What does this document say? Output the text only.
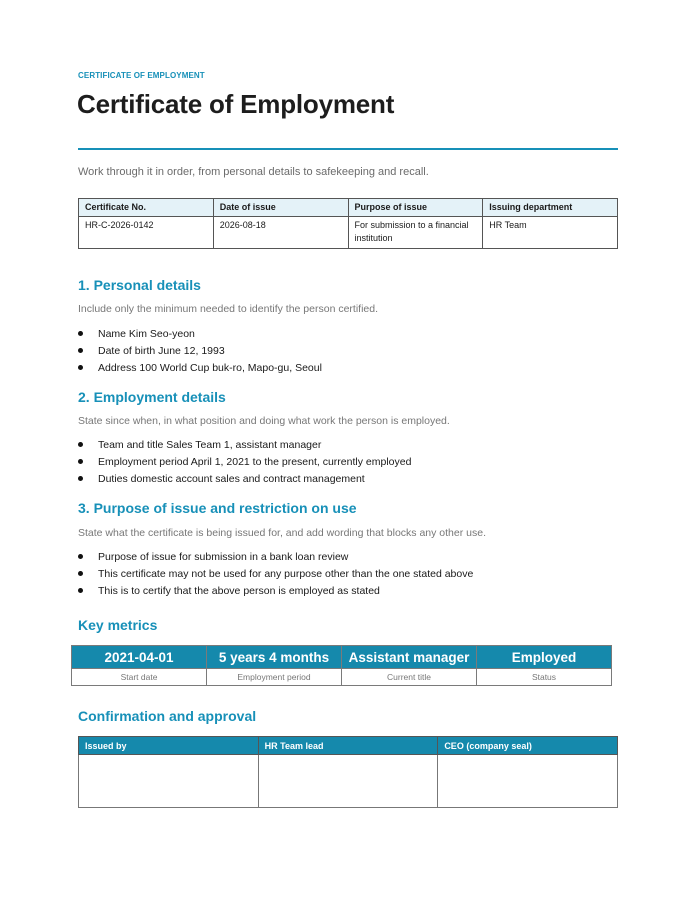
CERTIFICATE OF EMPLOYMENT
Certificate of Employment
Work through it in order, from personal details to safekeeping and recall.
Certificate No.	Date of issue	Purpose of issue	Issuing department
HR-C-2026-0142	2026-08-18	For submission to a financial institution	HR Team
1. Personal details
Include only the minimum needed to identify the person certified.
Name Kim Seo-yeon
Date of birth June 12, 1993
Address 100 World Cup buk-ro, Mapo-gu, Seoul
2. Employment details
State since when, in what position and doing what work the person is employed.
Team and title Sales Team 1, assistant manager
Employment period April 1, 2021 to the present, currently employed
Duties domestic account sales and contract management
3. Purpose of issue and restriction on use
State what the certificate is being issued for, and add wording that blocks any other use.
Purpose of issue for submission in a bank loan review
This certificate may not be used for any purpose other than the one stated above
This is to certify that the above person is employed as stated
Key metrics
2021-04-01	5 years 4 months	Assistant manager	Employed
Start date	Employment period	Current title	Status
Confirmation and approval
Issued by	HR Team lead	CEO (company seal)
